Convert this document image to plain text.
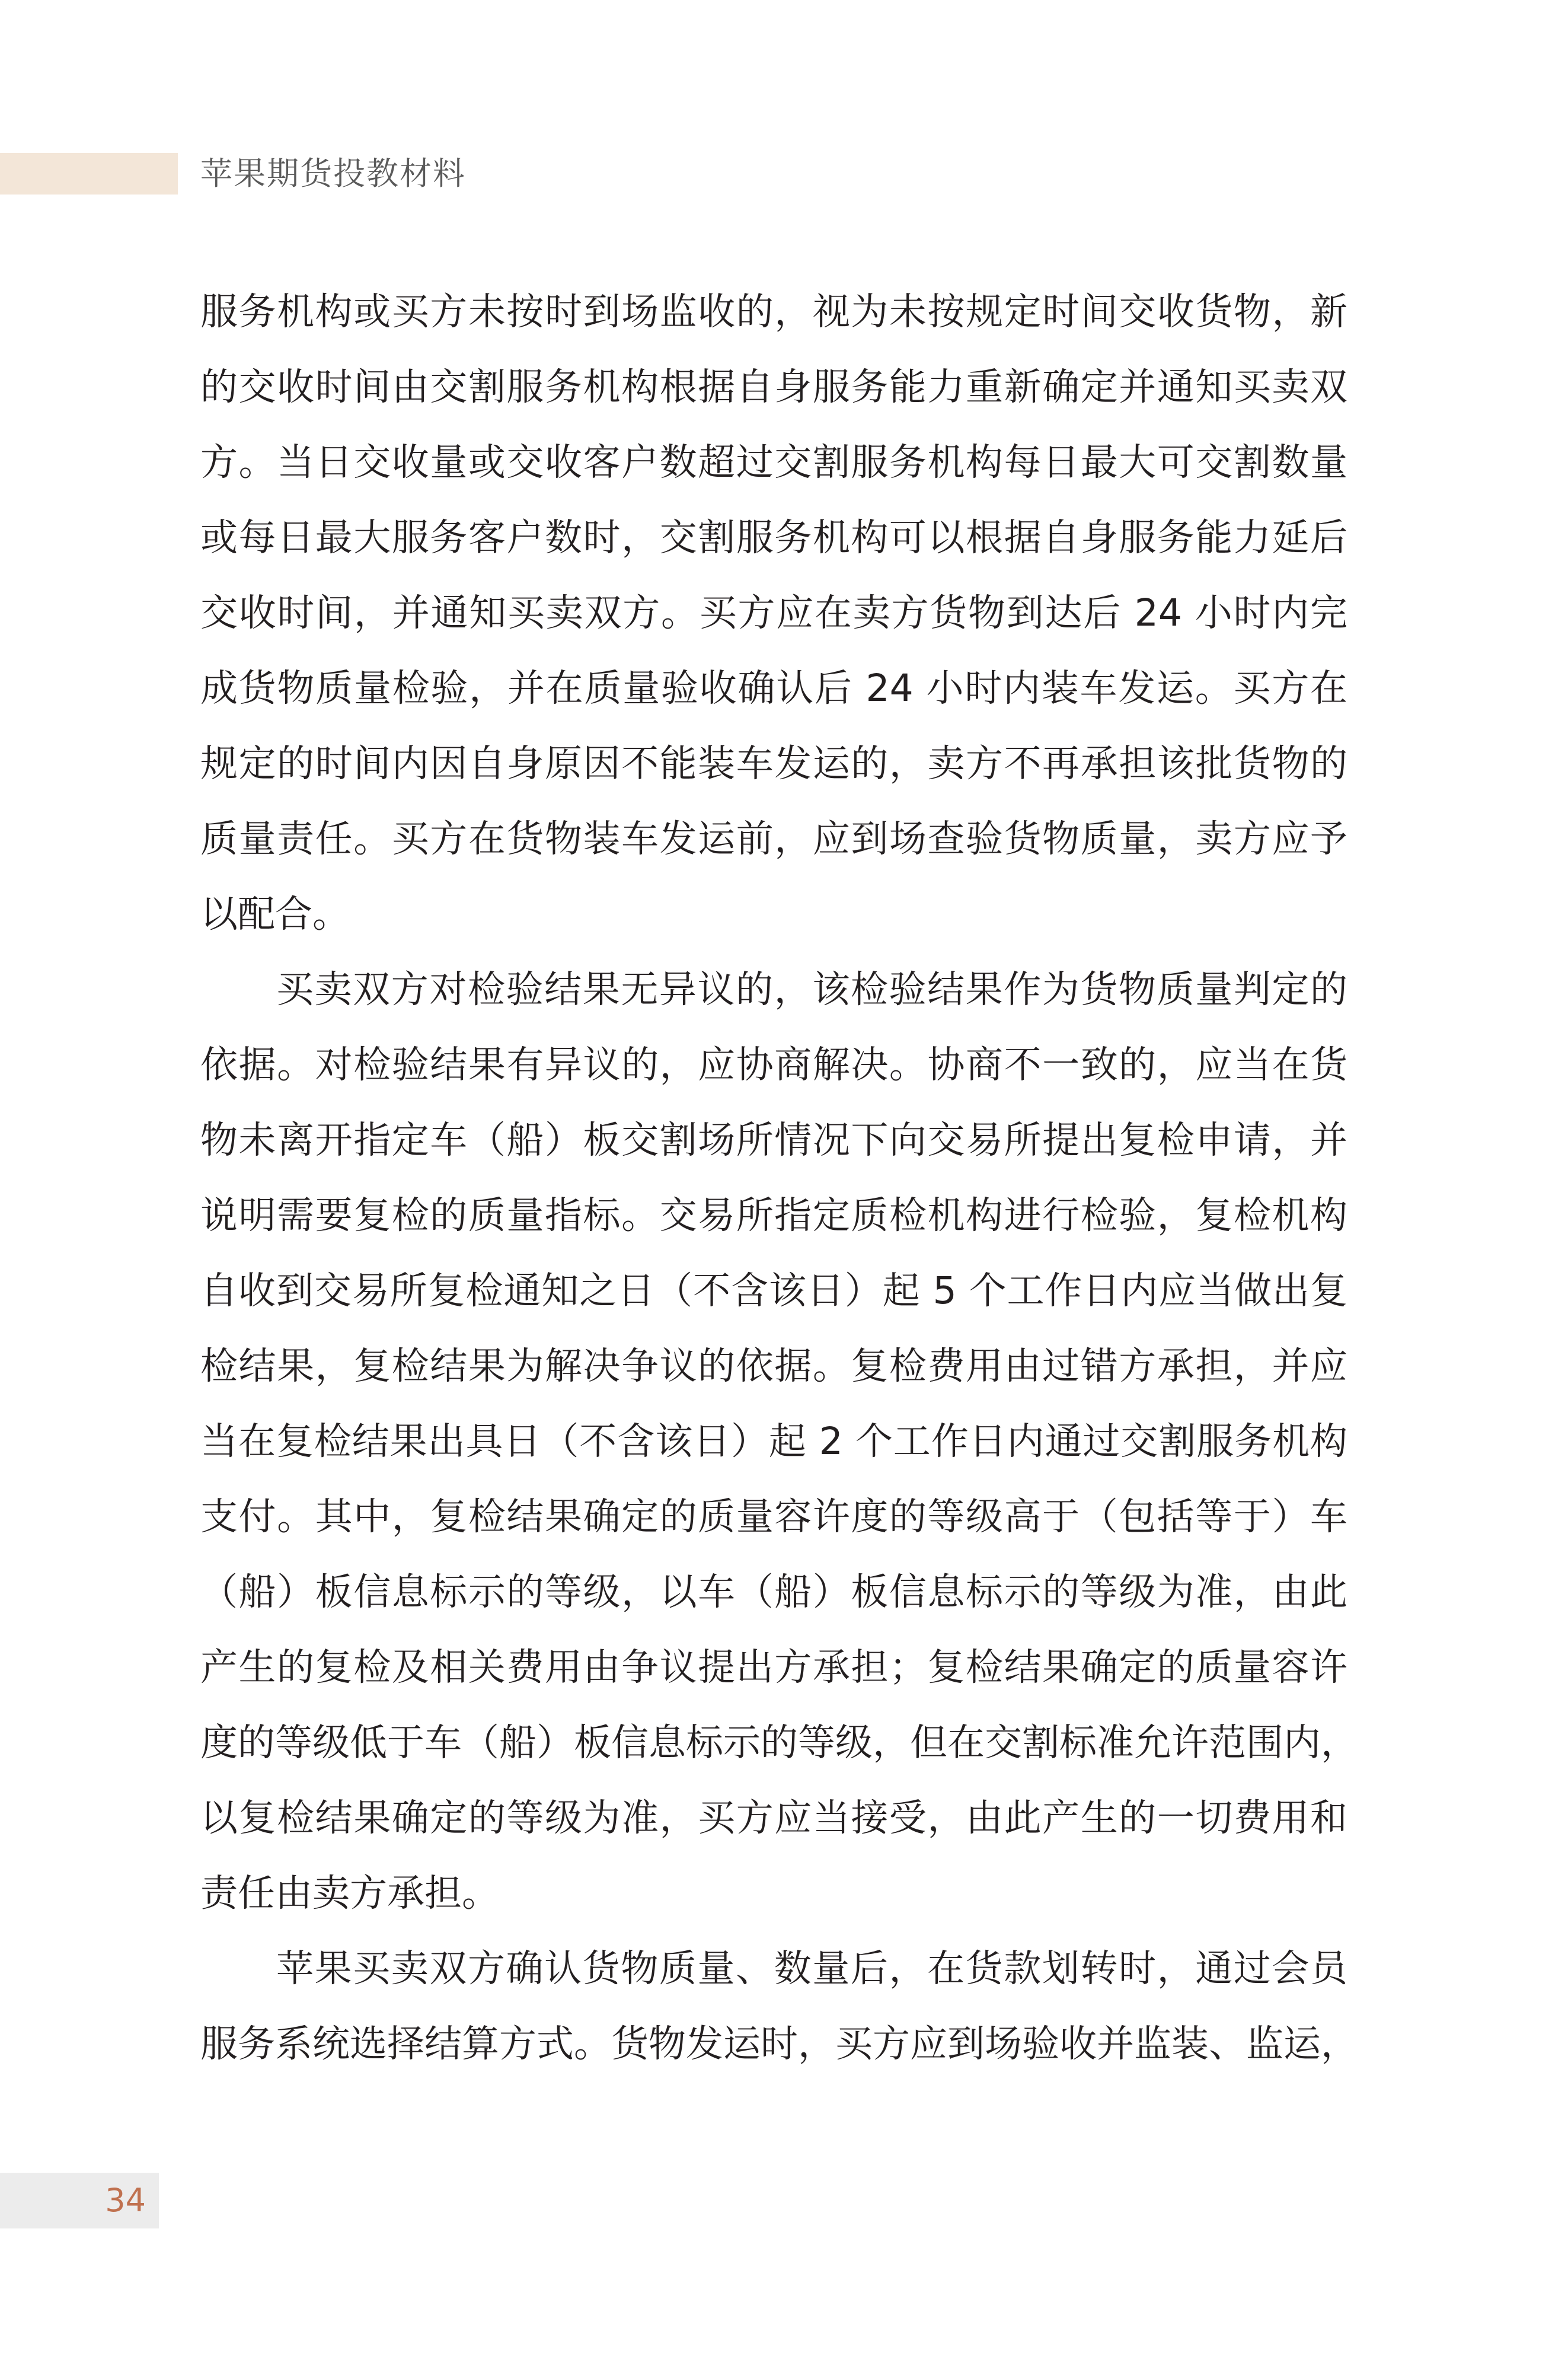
苹果期货投教材料
服务机构或买方未按时到场监收的，视为未按规定时间交收货物，新
的交收时间由交割服务机构根据自身服务能力重新确定并通知买卖双
方。当日交收量或交收客户数超过交割服务机构每日最大可交割数量
或每日最大服务客户数时，交割服务机构可以根据自身服务能力延后
交收时间，并通知买卖双方。买方应在卖方货物到达后 24 小时内完
成货物质量检验，并在质量验收确认后 24 小时内装车发运。买方在
规定的时间内因自身原因不能装车发运的，卖方不再承担该批货物的
质量责任。买方在货物装车发运前，应到场查验货物质量，卖方应予
以配合。
买卖双方对检验结果无异议的，该检验结果作为货物质量判定的
依据。对检验结果有异议的，应协商解决。协商不一致的，应当在货
物未离开指定车（船）板交割场所情况下向交易所提出复检申请，并
说明需要复检的质量指标。交易所指定质检机构进行检验，复检机构
自收到交易所复检通知之日（不含该日）起 5 个工作日内应当做出复
检结果，复检结果为解决争议的依据。复检费用由过错方承担，并应
当在复检结果出具日（不含该日）起 2 个工作日内通过交割服务机构
支付。其中，复检结果确定的质量容许度的等级高于（包括等于）车
（船）板信息标示的等级，以车（船）板信息标示的等级为准，由此
产生的复检及相关费用由争议提出方承担；复检结果确定的质量容许
度的等级低于车（船）板信息标示的等级，但在交割标准允许范围内，
以复检结果确定的等级为准，买方应当接受，由此产生的一切费用和
责任由卖方承担。
苹果买卖双方确认货物质量、数量后，在货款划转时，通过会员
服务系统选择结算方式。货物发运时，买方应到场验收并监装、监运，
34
